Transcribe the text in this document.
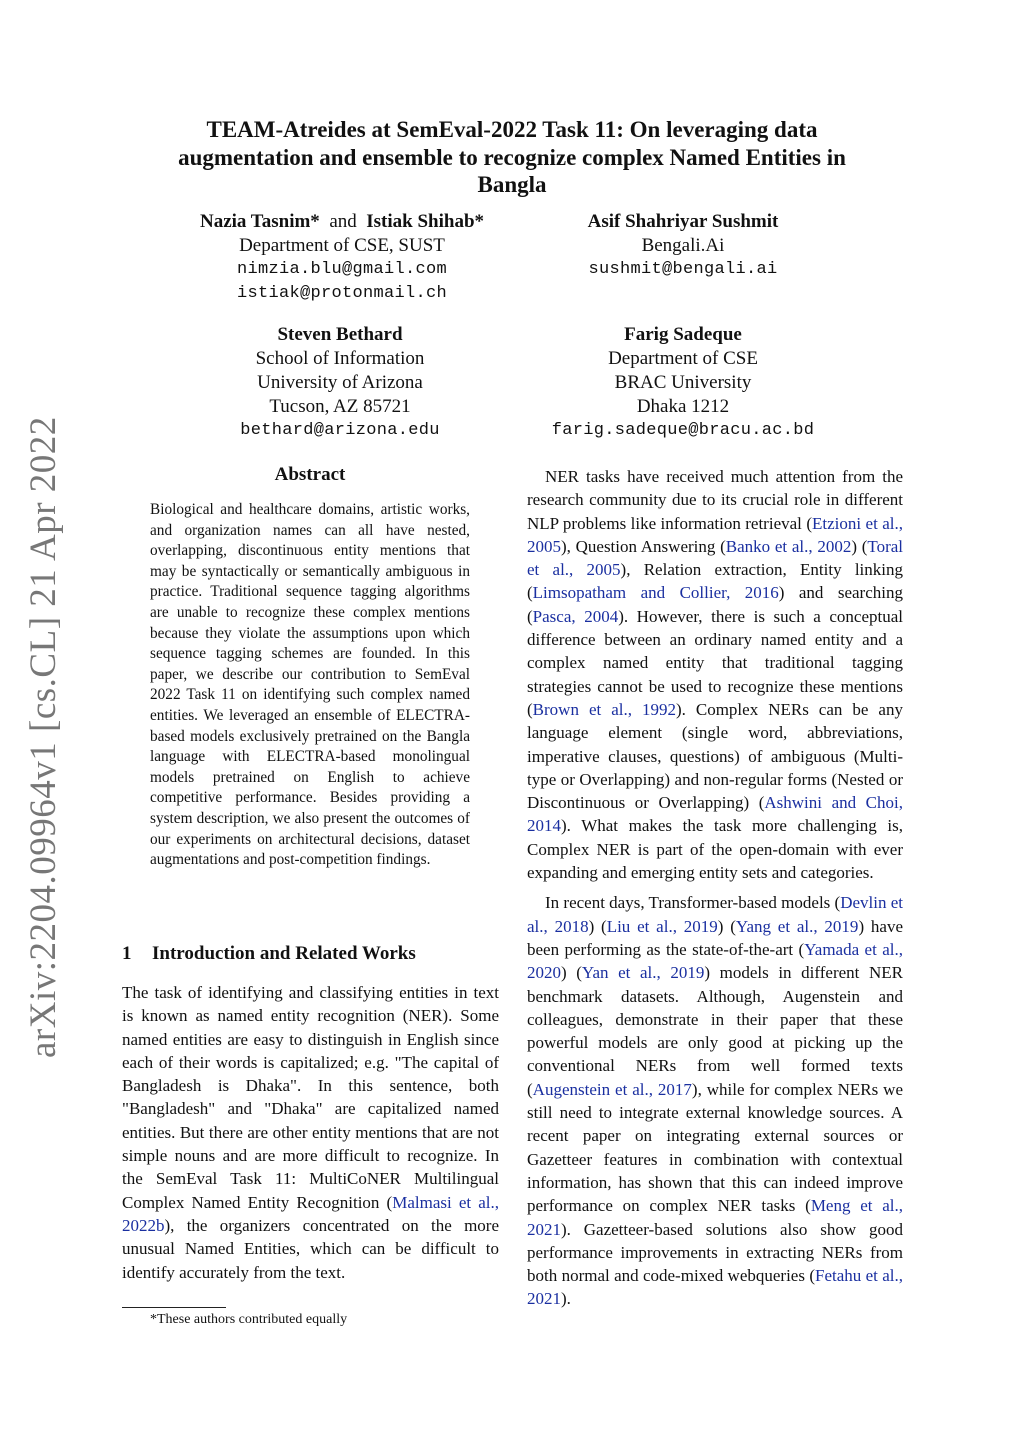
arXiv:2204.09964v1 [cs.CL] 21 Apr 2022
TEAM-Atreides at SemEval-2022 Task 11: On leveraging data
augmentation and ensemble to recognize complex Named Entities in
Bangla
Nazia Tasnim* and Istiak Shihab*
Department of CSE, SUST
nimzia.blu@gmail.com
istiak@protonmail.ch
Asif Shahriyar Sushmit
Bengali.Ai
sushmit@bengali.ai
Steven Bethard
School of Information
University of Arizona
Tucson, AZ 85721
bethard@arizona.edu
Farig Sadeque
Department of CSE
BRAC University
Dhaka 1212
farig.sadeque@bracu.ac.bd
Abstract
Biological and healthcare domains, artistic works, and organization names can all have nested, overlapping, discontinuous entity mentions that may be syntactically or semantically ambiguous in practice. Traditional sequence tagging algorithms are unable to recognize these complex mentions because they violate the assumptions upon which sequence tagging schemes are founded. In this paper, we describe our contribution to SemEval 2022 Task 11 on identifying such complex named entities. We leveraged an ensemble of ELECTRA-based models exclusively pretrained on the Bangla language with ELECTRA-based monolingual models pretrained on English to achieve competitive performance. Besides providing a system description, we also present the outcomes of our experiments on architectural decisions, dataset augmentations and post-competition findings.
1 Introduction and Related Works

The task of identifying and classifying entities in text is known as named entity recognition (NER). Some named entities are easy to distinguish in English since each of their words is capitalized; e.g. "The capital of Bangladesh is Dhaka". In this sentence, both "Bangladesh" and "Dhaka" are capitalized named entities. But there are other entity mentions that are not simple nouns and are more difficult to recognize. In the SemEval Task 11: MultiCoNER Multilingual Complex Named Entity Recognition (Malmasi et al., 2022b), the organizers concentrated on the more unusual Named Entities, which can be difficult to identify accurately from the text.

NER tasks have received much attention from the research community due to its crucial role in different NLP problems like information retrieval (Etzioni et al., 2005), Question Answering (Banko et al., 2002) (Toral et al., 2005), Relation extraction, Entity linking (Limsopatham and Collier, 2016) and searching (Pasca, 2004). However, there is such a conceptual difference between an ordinary named entity and a complex named entity that traditional tagging strategies cannot be used to recognize these mentions (Brown et al., 1992). Complex NERs can be any language element (single word, abbreviations, imperative clauses, questions) of ambiguous (Multi-type or Overlapping) and non-regular forms (Nested or Discontinuous or Overlapping) (Ashwini and Choi, 2014). What makes the task more challenging is, Complex NER is part of the open-domain with ever expanding and emerging entity sets and categories.

In recent days, Transformer-based models (Devlin et al., 2018) (Liu et al., 2019) (Yang et al., 2019) have been performing as the state-of-the-art (Yamada et al., 2020) (Yan et al., 2019) models in different NER benchmark datasets. Although, Augenstein and colleagues, demonstrate in their paper that these powerful models are only good at picking up the conventional NERs from well formed texts (Augenstein et al., 2017), while for complex NERs we still need to integrate external knowledge sources. A recent paper on integrating external sources or Gazetteer features in combination with contextual information, has shown that this can indeed improve performance on complex NER tasks (Meng et al., 2021). Gazetteer-based solutions also show good performance improvements in extracting NERs from both normal and code-mixed webqueries (Fetahu et al., 2021).

*These authors contributed equally
